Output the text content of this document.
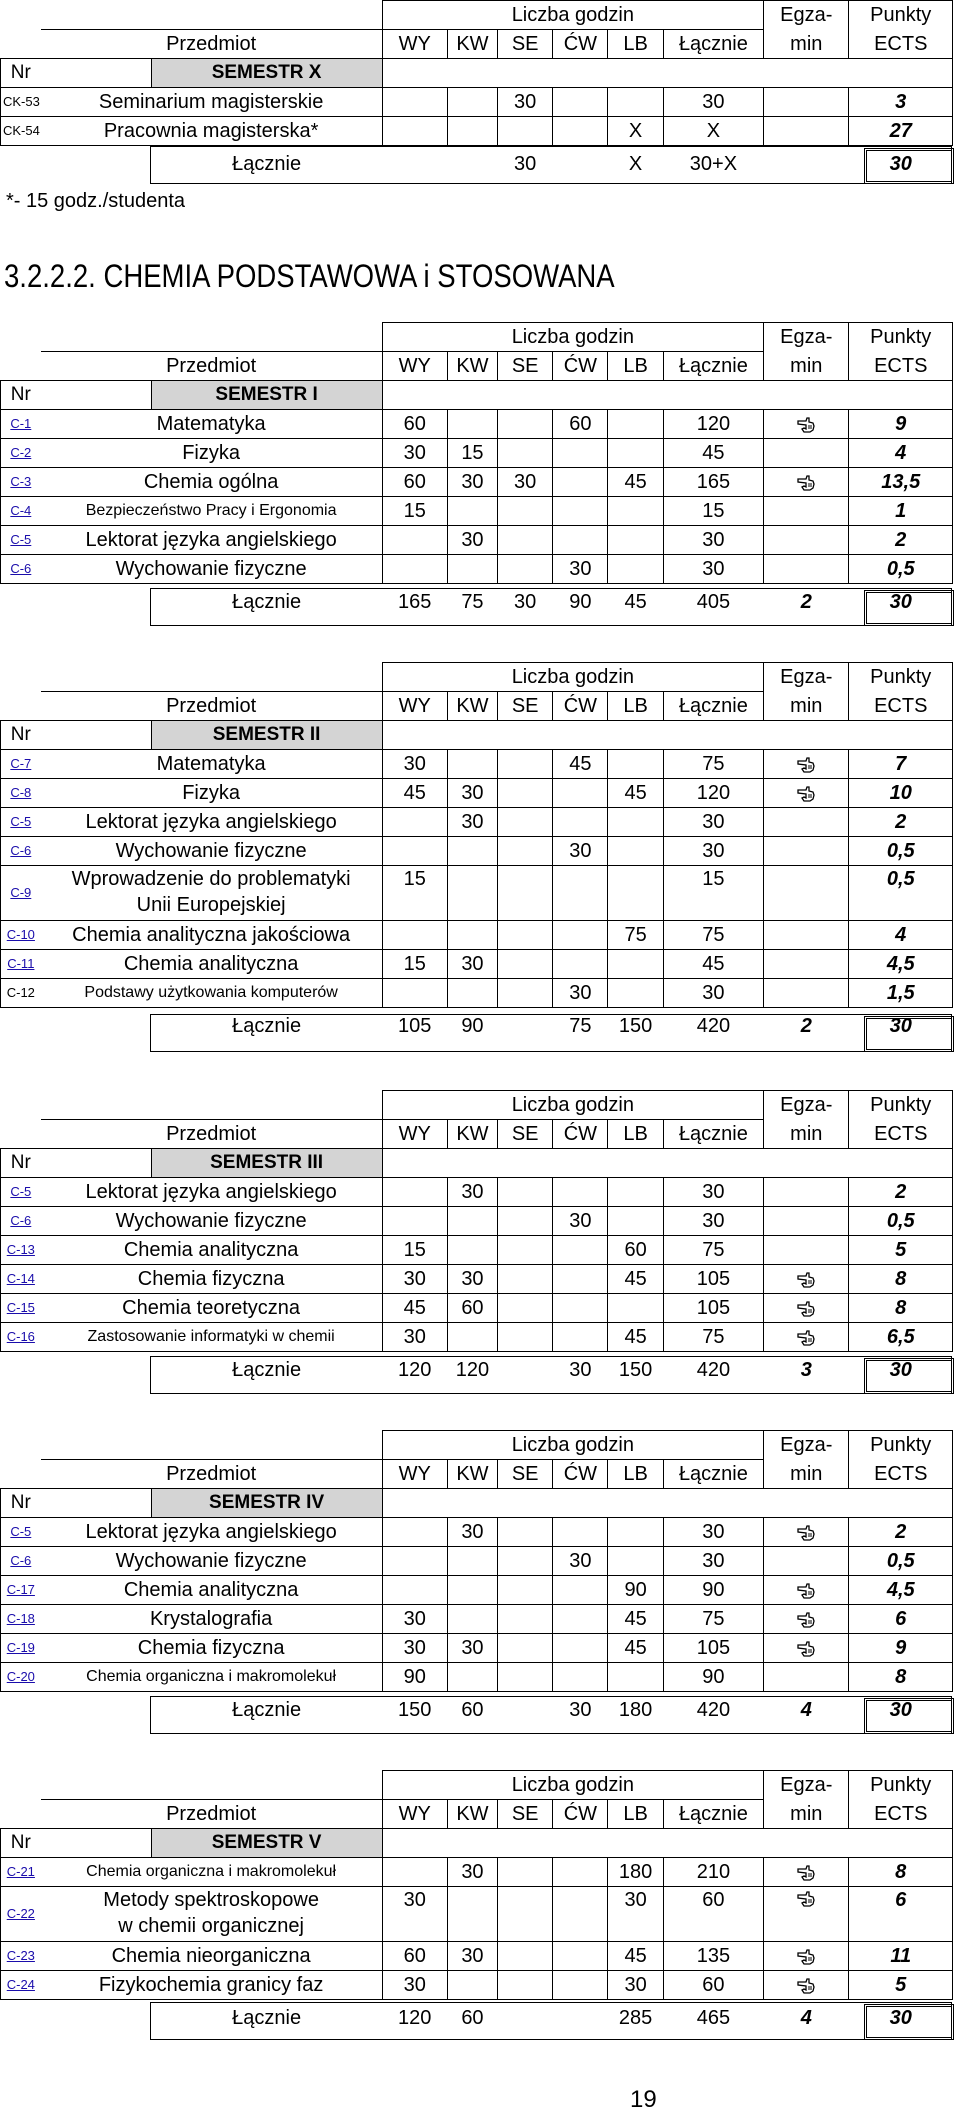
*- 15 godz./studenta
3.2.2.2. CHEMIA PODSTAWOWA i STOSOWANA
19
			Liczba godzin						Egza-	Punkty
	Przedmiot		WY	KW	SE	ĆW	LB	Łącznie	min	ECTS
Nr		SEMESTR X								
CK-53	Seminarium magisterskie				30			30		3
CK-54	Pracownia magisterska*						X	X		27
		Łącznie			30		X	30+X		30
			Liczba godzin						Egza-	Punkty
	Przedmiot		WY	KW	SE	ĆW	LB	Łącznie	min	ECTS
Nr		SEMESTR I								
C-1	Matematyka		60			60		120		9
C-2	Fizyka		30	15				45		4
C-3	Chemia ogólna		60	30	30		45	165		13,5
C-4	Bezpieczeństwo Pracy i Ergonomia		15					15		1
C-5	Lektorat języka angielskiego			30				30		2
C-6	Wychowanie fizyczne					30		30		0,5
		Łącznie	165	75	30	90	45	405	2	30
			Liczba godzin						Egza-	Punkty
	Przedmiot		WY	KW	SE	ĆW	LB	Łącznie	min	ECTS
Nr		SEMESTR II								
C-7	Matematyka		30			45		75		7
C-8	Fizyka		45	30			45	120		10
C-5	Lektorat języka angielskiego			30				30		2
C-6	Wychowanie fizyczne					30		30		0,5
C-9	Wprowadzenie do problematyki
Unii Europejskiej		15					15		0,5
C-10	Chemia analityczna jakościowa						75	75		4
C-11	Chemia analityczna		15	30				45		4,5
C-12	Podstawy użytkowania komputerów					30		30		1,5
		Łącznie	105	90		75	150	420	2	30
			Liczba godzin						Egza-	Punkty
	Przedmiot		WY	KW	SE	ĆW	LB	Łącznie	min	ECTS
Nr		SEMESTR III								
C-5	Lektorat języka angielskiego			30				30		2
C-6	Wychowanie fizyczne					30		30		0,5
C-13	Chemia analityczna		15				60	75		5
C-14	Chemia fizyczna		30	30			45	105		8
C-15	Chemia teoretyczna		45	60				105		8
C-16	Zastosowanie informatyki w chemii		30				45	75		6,5
		Łącznie	120	120		30	150	420	3	30
			Liczba godzin						Egza-	Punkty
	Przedmiot		WY	KW	SE	ĆW	LB	Łącznie	min	ECTS
Nr		SEMESTR IV								
C-5	Lektorat języka angielskiego			30				30		2
C-6	Wychowanie fizyczne					30		30		0,5
C-17	Chemia analityczna						90	90		4,5
C-18	Krystalografia		30				45	75		6
C-19	Chemia fizyczna		30	30			45	105		9
C-20	Chemia organiczna i makromolekuł		90					90		8
		Łącznie	150	60		30	180	420	4	30
			Liczba godzin						Egza-	Punkty
	Przedmiot		WY	KW	SE	ĆW	LB	Łącznie	min	ECTS
Nr		SEMESTR V								
C-21	Chemia organiczna i makromolekuł			30			180	210		8
C-22	Metody spektroskopowe
w chemii organicznej		30				30	60		6
C-23	Chemia nieorganiczna		60	30			45	135		11
C-24	Fizykochemia granicy faz		30				30	60		5
		Łącznie	120	60			285	465	4	30
